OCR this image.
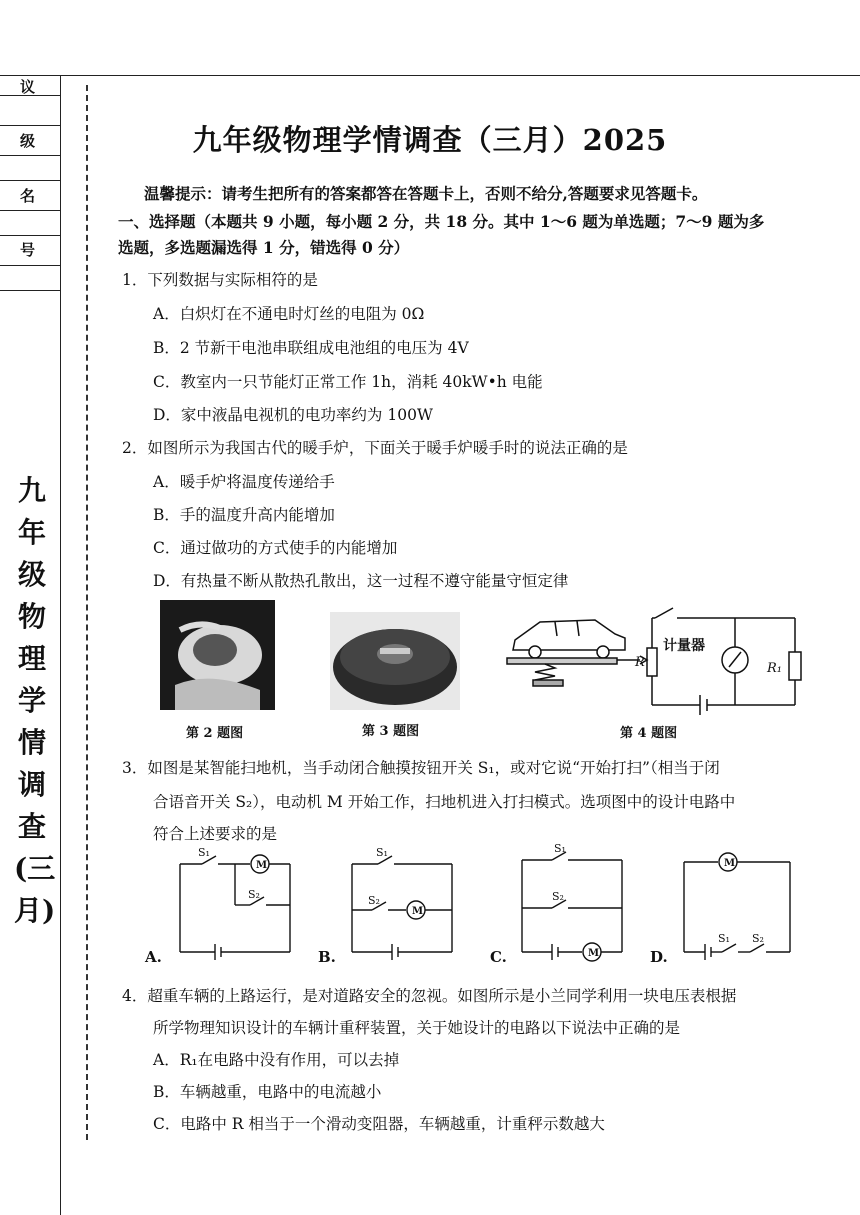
议
级
名
号
九
年
级
物
理
学
情
调
查
(三
月)
九年级物理学情调查（三月）2025
温馨提示：请考生把所有的答案都答在答题卡上，否则不给分,答题要求见答题卡。
一、选择题（本题共 9 小题，每小题 2 分，共 18 分。其中 1～6 题为单选题；7～9 题为多
选题，多选题漏选得 1 分，错选得 0 分）
1．下列数据与实际相符的是
A．白炽灯在不通电时灯丝的电阻为 0Ω
B．2 节新干电池串联组成电池组的电压为 4V
C．教室内一只节能灯正常工作 1h，消耗 40kW•h 电能
D．家中液晶电视机的电功率约为 100W
2．如图所示为我国古代的暖手炉，下面关于暖手炉暖手时的说法正确的是
A．暖手炉将温度传递给手
B．手的温度升高内能增加
C．通过做功的方式使手的内能增加
D．有热量不断从散热孔散出，这一过程不遵守能量守恒定律
第 2 题图	第 3 题图
计量器
R	R₁
第 4 题图
3．如图是某智能扫地机，当手动闭合触摸按钮开关 S₁，或对它说“开始打扫”（相当于闭
合语音开关 S₂），电动机 M 开始工作，扫地机进入打扫模式。选项图中的设计电路中
符合上述要求的是
S₁
M
S₂
S₁
S₂
M
S₁
S₂
M
M
S₁ S₂
A.	B.	C.	D.
4．超重车辆的上路运行，是对道路安全的忽视。如图所示是小兰同学利用一块电压表根据
所学物理知识设计的车辆计重秤装置，关于她设计的电路以下说法中正确的是
A．R₁在电路中没有作用，可以去掉
B．车辆越重，电路中的电流越小
C．电路中 R 相当于一个滑动变阻器，车辆越重，计重秤示数越大
